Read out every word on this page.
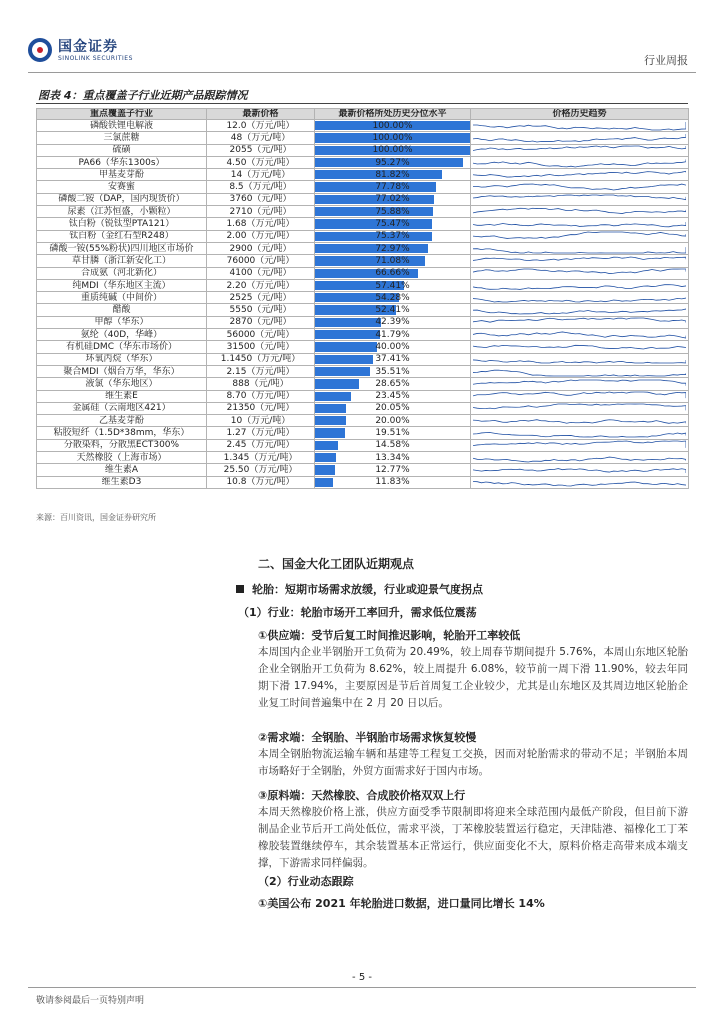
国金证券
SINOLINK SECURITIES	行业周报
图表 4：重点覆盖子行业近期产品跟踪情况
重点覆盖子行业	最新价格	最新价格所处历史分位水平	价格历史趋势
磷酸铁锂电解液	12.0（万元/吨）	100.00%	

三氯蔗糖	48（万元/吨）	100.00%	

硫磺	2055（元/吨）	100.00%	

PA66（华东1300s）	4.50（万元/吨）	95.27%	

甲基麦芽酚	14（万元/吨）	81.82%	

安赛蜜	8.5（万元/吨）	77.78%	

磷酸二铵（DAP，国内现货价）	3760（元/吨）	77.02%	

尿素（江苏恒盛，小颗粒）	2710（元/吨）	75.88%	

钛白粉（锐钛型PTA121）	1.68（万元/吨）	75.47%	

钛白粉（金红石型R248）	2.00（万元/吨）	75.37%	

磷酸一铵(55%粉状)四川地区市场价	2900（元/吨）	72.97%	

草甘膦（浙江新安化工）	76000（元/吨）	71.08%	

合成氨（河北新化）	4100（元/吨）	66.66%	

纯MDI（华东地区主流）	2.20（万元/吨）	57.41%	

重质纯碱（中间价）	2525（元/吨）	54.28%	

醋酸	5550（元/吨）	52.41%	

甲醇（华东）	2870（元/吨）	42.39%	

氨纶（40D，华峰）	56000（元/吨）	41.79%	

有机硅DMC（华东市场价）	31500（元/吨）	40.00%	

环氧丙烷（华东）	1.1450（万元/吨）	37.41%	

聚合MDI（烟台万华，华东）	2.15（万元/吨）	35.51%	

液氯（华东地区）	888（元/吨）	28.65%	

维生素E	8.70（万元/吨）	23.45%	

金属硅（云南地区421）	21350（元/吨）	20.05%	

乙基麦芽酚	10（万元/吨）	20.00%	

粘胶短纤（1.5D*38mm，华东）	1.27（万元/吨）	19.51%	

分散染料，分散黑ECT300%	2.45（万元/吨）	14.58%	

天然橡胶（上海市场）	1.345（万元/吨）	13.34%	

维生素A	25.50（万元/吨）	12.77%	

维生素D3	10.8（万元/吨）	11.83%	
来源：百川资讯，国金证券研究所
二、国金大化工团队近期观点
轮胎：短期市场需求放缓，行业或迎景气度拐点
（1）行业：轮胎市场开工率回升，需求低位震荡
①供应端：受节后复工时间推迟影响，轮胎开工率较低
本周国内企业半钢胎开工负荷为 20.49%，较上周春节期间提升 5.76%，本周山东地区轮胎企业全钢胎开工负荷为 8.62%，较上周提升 6.08%，较节前一周下滑 11.90%，较去年同期下滑 17.94%，主要原因是节后首周复工企业较少，尤其是山东地区及其周边地区轮胎企业复工时间普遍集中在 2 月 20 日以后。
②需求端：全钢胎、半钢胎市场需求恢复较慢
本周全钢胎物流运输车辆和基建等工程复工交换，因而对轮胎需求的带动不足；半钢胎本周市场略好于全钢胎，外贸方面需求好于国内市场。
③原料端：天然橡胶、合成胶价格双双上行
本周天然橡胶价格上涨，供应方面受季节限制即将迎来全球范围内最低产阶段，但目前下游制品企业节后开工尚处低位，需求平淡，丁苯橡胶装置运行稳定，天津陆港、福橡化工丁苯橡胶装置继续停车，其余装置基本正常运行，供应面变化不大，原料价格走高带来成本端支撑，下游需求同样偏弱。
（2）行业动态跟踪
①美国公布 2021 年轮胎进口数据，进口量同比增长 14%
- 5 -
敬请参阅最后一页特别声明
